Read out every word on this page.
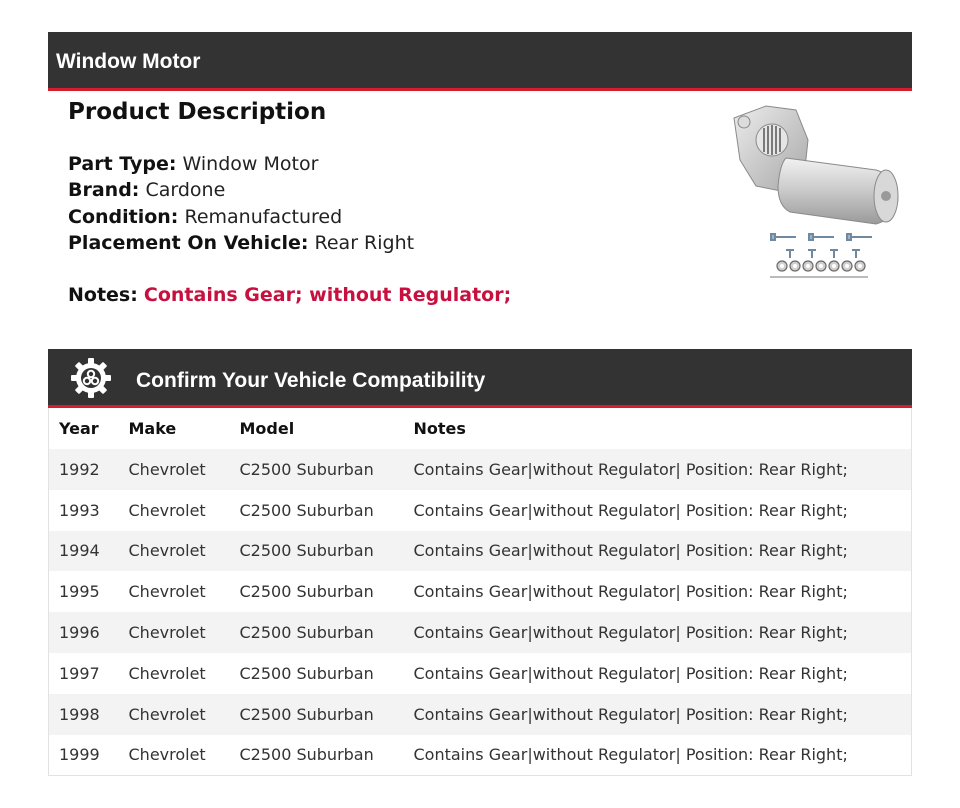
Window Motor
Product Description
Part Type: Window Motor
Brand: Cardone
Condition: Remanufactured
Placement On Vehicle: Rear Right

Notes: Contains Gear; without Regulator;

Confirm Your Vehicle Compatibility
Year	Make	Model	Notes
1992	Chevrolet	C2500 Suburban	Contains Gear|without Regulator| Position: Rear Right;
1993	Chevrolet	C2500 Suburban	Contains Gear|without Regulator| Position: Rear Right;
1994	Chevrolet	C2500 Suburban	Contains Gear|without Regulator| Position: Rear Right;
1995	Chevrolet	C2500 Suburban	Contains Gear|without Regulator| Position: Rear Right;
1996	Chevrolet	C2500 Suburban	Contains Gear|without Regulator| Position: Rear Right;
1997	Chevrolet	C2500 Suburban	Contains Gear|without Regulator| Position: Rear Right;
1998	Chevrolet	C2500 Suburban	Contains Gear|without Regulator| Position: Rear Right;
1999	Chevrolet	C2500 Suburban	Contains Gear|without Regulator| Position: Rear Right;
